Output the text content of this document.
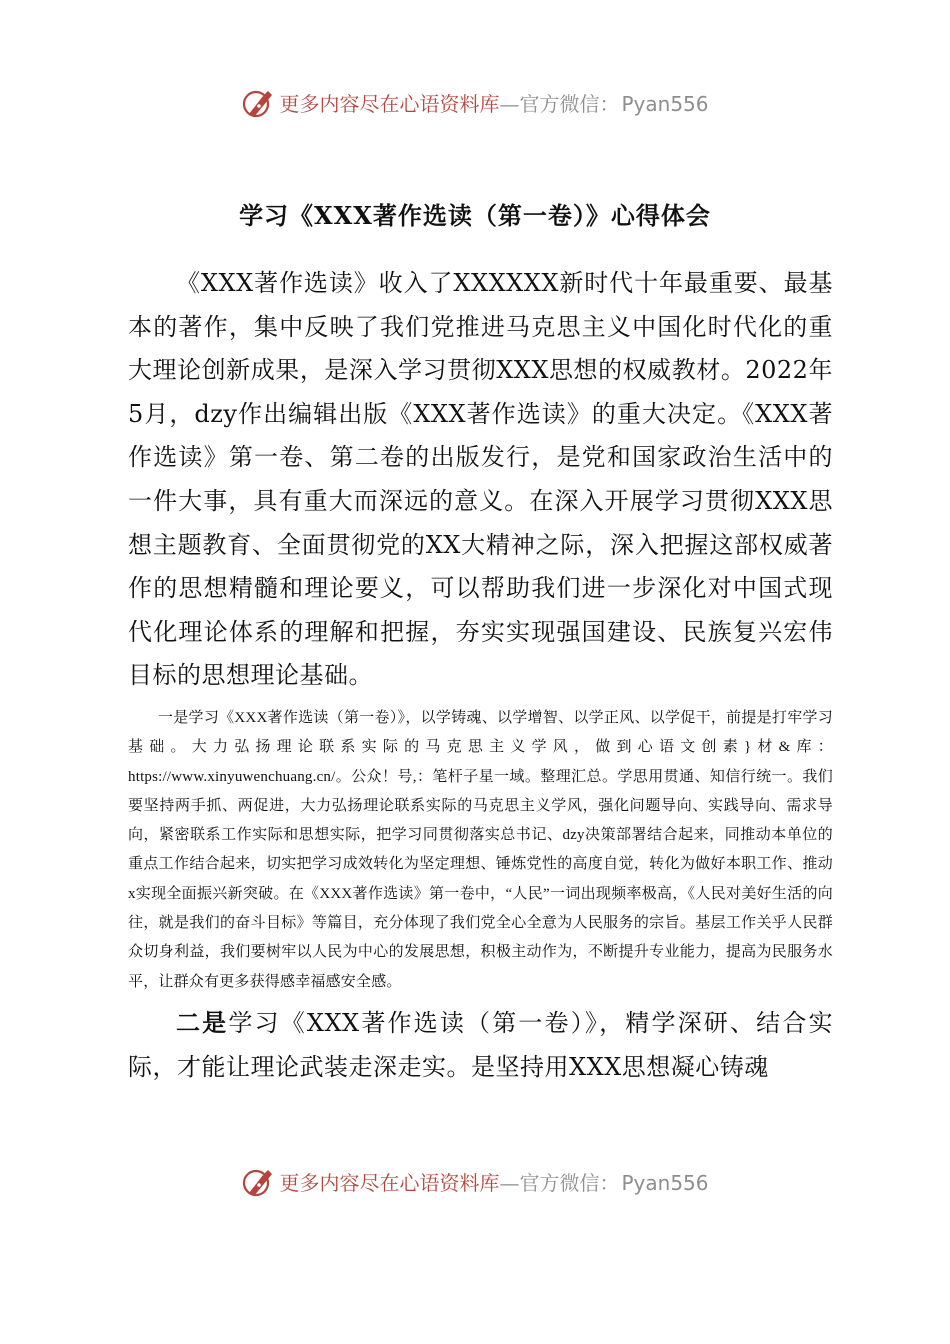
更多内容尽在心语资料库—官方微信： Pyan556
学习《XXX著作选读（第一卷）》心得体会

《XXX著作选读》收入了XXXXXX新时代十年最重要、最基本的著作，集中反映了我们党推进马克思主义中国化时代化的重大理论创新成果，是深入学习贯彻XXX思想的权威教材。2022年5月，dzy作出编辑出版《XXX著作选读》的重大决定。《XXX著作选读》第一卷、第二卷的出版发行，是党和国家政治生活中的一件大事，具有重大而深远的意义。在深入开展学习贯彻XXX思想主题教育、全面贯彻党的XX大精神之际，深入把握这部权威著作的思想精髓和理论要义，可以帮助我们进一步深化对中国式现代化理论体系的理解和把握，夯实实现强国建设、民族复兴宏伟目标的思想理论基础。

一是学习《XXX著作选读（第一卷）》，以学铸魂、以学增智、以学正风、以学促干，前提是打牢学习基础。大力弘扬理论联系实际的马克思主义学风，做到心语文创素}材&库：https://www.xinyuwenchuang.cn/。公众！号,：笔杆子星一域。整理汇总。学思用贯通、知信行统一。我们要坚持两手抓、两促进，大力弘扬理论联系实际的马克思主义学风，强化问题导向、实践导向、需求导向，紧密联系工作实际和思想实际，把学习同贯彻落实总书记、dzy决策部署结合起来，同推动本单位的重点工作结合起来，切实把学习成效转化为坚定理想、锤炼党性的高度自觉，转化为做好本职工作、推动x实现全面振兴新突破。在《XXX著作选读》第一卷中，“人民”一词出现频率极高，《人民对美好生活的向往，就是我们的奋斗目标》等篇目，充分体现了我们党全心全意为人民服务的宗旨。基层工作关乎人民群众切身利益，我们要树牢以人民为中心的发展思想，积极主动作为，不断提升专业能力，提高为民服务水平，让群众有更多获得感幸福感安全感。

二是学习《XXX著作选读（第一卷）》，精学深研、结合实际，才能让理论武装走深走实。是坚持用XXX思想凝心铸魂

更多内容尽在心语资料库—官方微信： Pyan556
